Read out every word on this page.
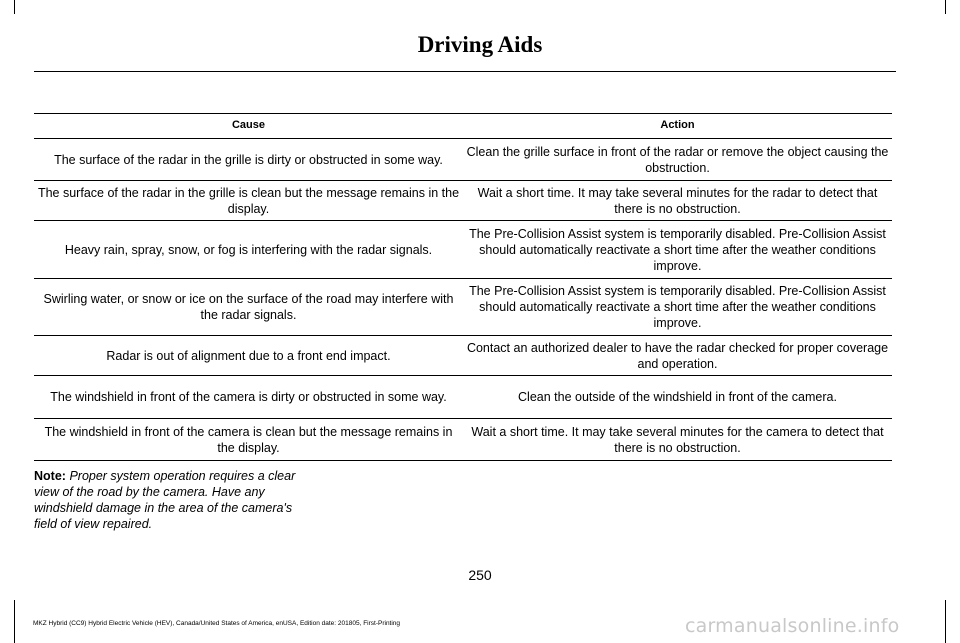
Driving Aids
Cause	Action
The surface of the radar in the grille is dirty or obstructed in some way.	Clean the grille surface in front of the radar or remove the object causing the obstruction.
The surface of the radar in the grille is clean but the message remains in the display.	Wait a short time. It may take several minutes for the radar to detect that there is no obstruction.
Heavy rain, spray, snow, or fog is interfering with the radar signals.	The Pre-Collision Assist system is temporarily disabled. Pre-Collision Assist should automatically reactivate a short time after the weather conditions improve.
Swirling water, or snow or ice on the surface of the road may interfere with the radar signals.	The Pre-Collision Assist system is temporarily disabled. Pre-Collision Assist should automatically reactivate a short time after the weather conditions improve.
Radar is out of alignment due to a front end impact.	Contact an authorized dealer to have the radar checked for proper coverage and operation.
The windshield in front of the camera is dirty or obstructed in some way.	Clean the outside of the windshield in front of the camera.
The windshield in front of the camera is clean but the message remains in the display.	Wait a short time. It may take several minutes for the camera to detect that there is no obstruction.
Note: Proper system operation requires a clear view of the road by the camera. Have any windshield damage in the area of the camera's field of view repaired.
250
MKZ Hybrid (CC9) Hybrid Electric Vehicle (HEV), Canada/United States of America, enUSA, Edition date: 201805, First-Printing	carmanualsonline.info
